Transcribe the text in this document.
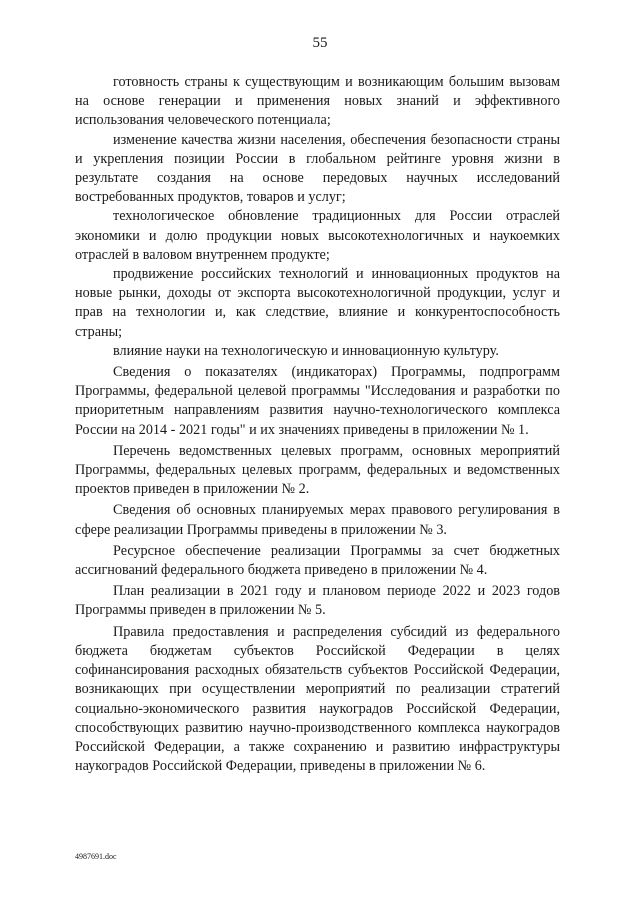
55

готовность страны к существующим и возникающим большим вызовам на основе генерации и применения новых знаний и эффективного использования человеческого потенциала;

изменение качества жизни населения, обеспечения безопасности страны и укрепления позиции России в глобальном рейтинге уровня жизни в результате создания на основе передовых научных исследований востребованных продуктов, товаров и услуг;

технологическое обновление традиционных для России отраслей экономики и долю продукции новых высокотехнологичных и наукоемких отраслей в валовом внутреннем продукте;

продвижение российских технологий и инновационных продуктов на новые рынки, доходы от экспорта высокотехнологичной продукции, услуг и прав на технологии и, как следствие, влияние и конкурентоспособность страны;

влияние науки на технологическую и инновационную культуру.

Сведения о показателях (индикаторах) Программы, подпрограмм Программы, федеральной целевой программы "Исследования и разработки по приоритетным направлениям развития научно-технологического комплекса России на 2014 - 2021 годы" и их значениях приведены в приложении № 1.

Перечень ведомственных целевых программ, основных мероприятий Программы, федеральных целевых программ, федеральных и ведомственных проектов приведен в приложении № 2.

Сведения об основных планируемых мерах правового регулирования в сфере реализации Программы приведены в приложении № 3.

Ресурсное обеспечение реализации Программы за счет бюджетных ассигнований федерального бюджета приведено в приложении № 4.

План реализации в 2021 году и плановом периоде 2022 и 2023 годов Программы приведен в приложении № 5.

Правила предоставления и распределения субсидий из федерального бюджета бюджетам субъектов Российской Федерации в целях софинансирования расходных обязательств субъектов Российской Федерации, возникающих при осуществлении мероприятий по реализации стратегий социально-экономического развития наукоградов Российской Федерации, способствующих развитию научно-производственного комплекса наукоградов Российской Федерации, а также сохранению и развитию инфраструктуры наукоградов Российской Федерации, приведены в приложении № 6.

4987691.doc
